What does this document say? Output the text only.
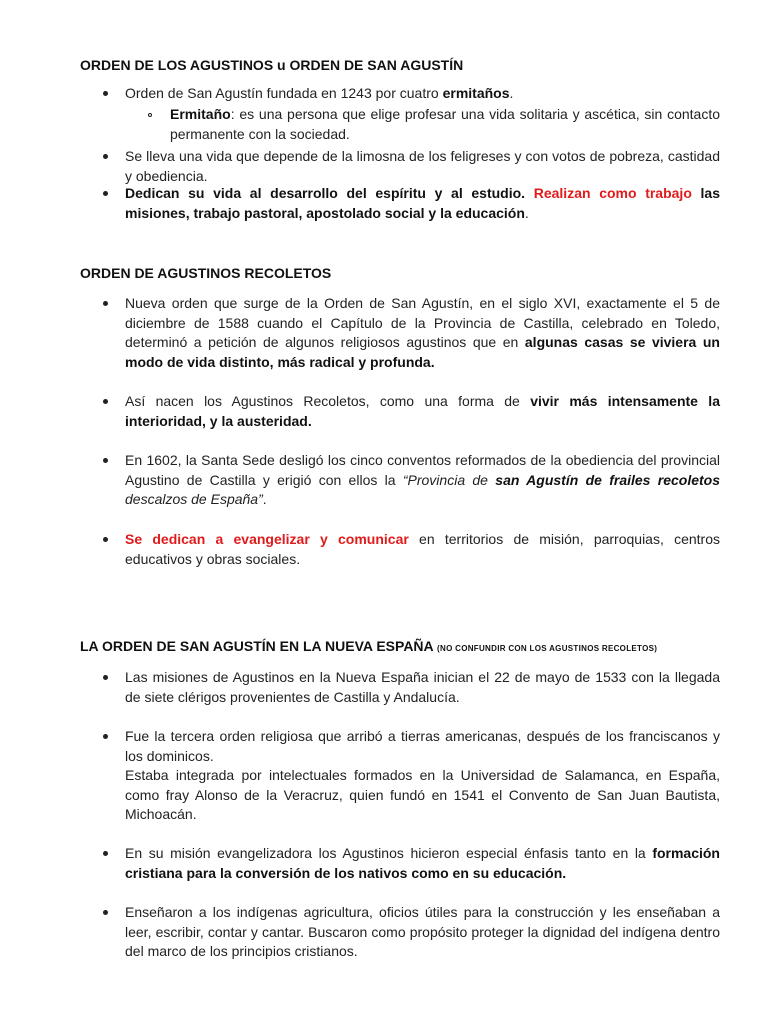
ORDEN DE LOS AGUSTINOS u ORDEN DE SAN AGUSTÍN
Orden de San Agustín fundada en 1243 por cuatro ermitaños.
Ermitaño: es una persona que elige profesar una vida solitaria y ascética, sin contacto permanente con la sociedad.
Se lleva una vida que depende de la limosna de los feligreses y con votos de pobreza, castidad y obediencia.
Dedican su vida al desarrollo del espíritu y al estudio. Realizan como trabajo las misiones, trabajo pastoral, apostolado social y la educación.
ORDEN DE AGUSTINOS RECOLETOS
Nueva orden que surge de la Orden de San Agustín, en el siglo XVI, exactamente el 5 de diciembre de 1588 cuando el Capítulo de la Provincia de Castilla, celebrado en Toledo, determinó a petición de algunos religiosos agustinos que en algunas casas se viviera un modo de vida distinto, más radical y profunda.
Así nacen los Agustinos Recoletos, como una forma de vivir más intensamente la interioridad, y la austeridad.
En 1602, la Santa Sede desligó los cinco conventos reformados de la obediencia del provincial Agustino de Castilla y erigió con ellos la “Provincia de san Agustín de frailes recoletos descalzos de España”.
Se dedican a evangelizar y comunicar en territorios de misión, parroquias, centros educativos y obras sociales.
LA ORDEN DE SAN AGUSTÍN EN LA NUEVA ESPAÑA (NO CONFUNDIR CON LOS AGUSTINOS RECOLETOS)
Las misiones de Agustinos en la Nueva España inician el 22 de mayo de 1533 con la llegada de siete clérigos provenientes de Castilla y Andalucía.
Fue la tercera orden religiosa que arribó a tierras americanas, después de los franciscanos y los dominicos.
Estaba integrada por intelectuales formados en la Universidad de Salamanca, en España, como fray Alonso de la Veracruz, quien fundó en 1541 el Convento de San Juan Bautista, Michoacán.
En su misión evangelizadora los Agustinos hicieron especial énfasis tanto en la formación cristiana para la conversión de los nativos como en su educación.
Enseñaron a los indígenas agricultura, oficios útiles para la construcción y les enseñaban a leer, escribir, contar y cantar. Buscaron como propósito proteger la dignidad del indígena dentro del marco de los principios cristianos.
